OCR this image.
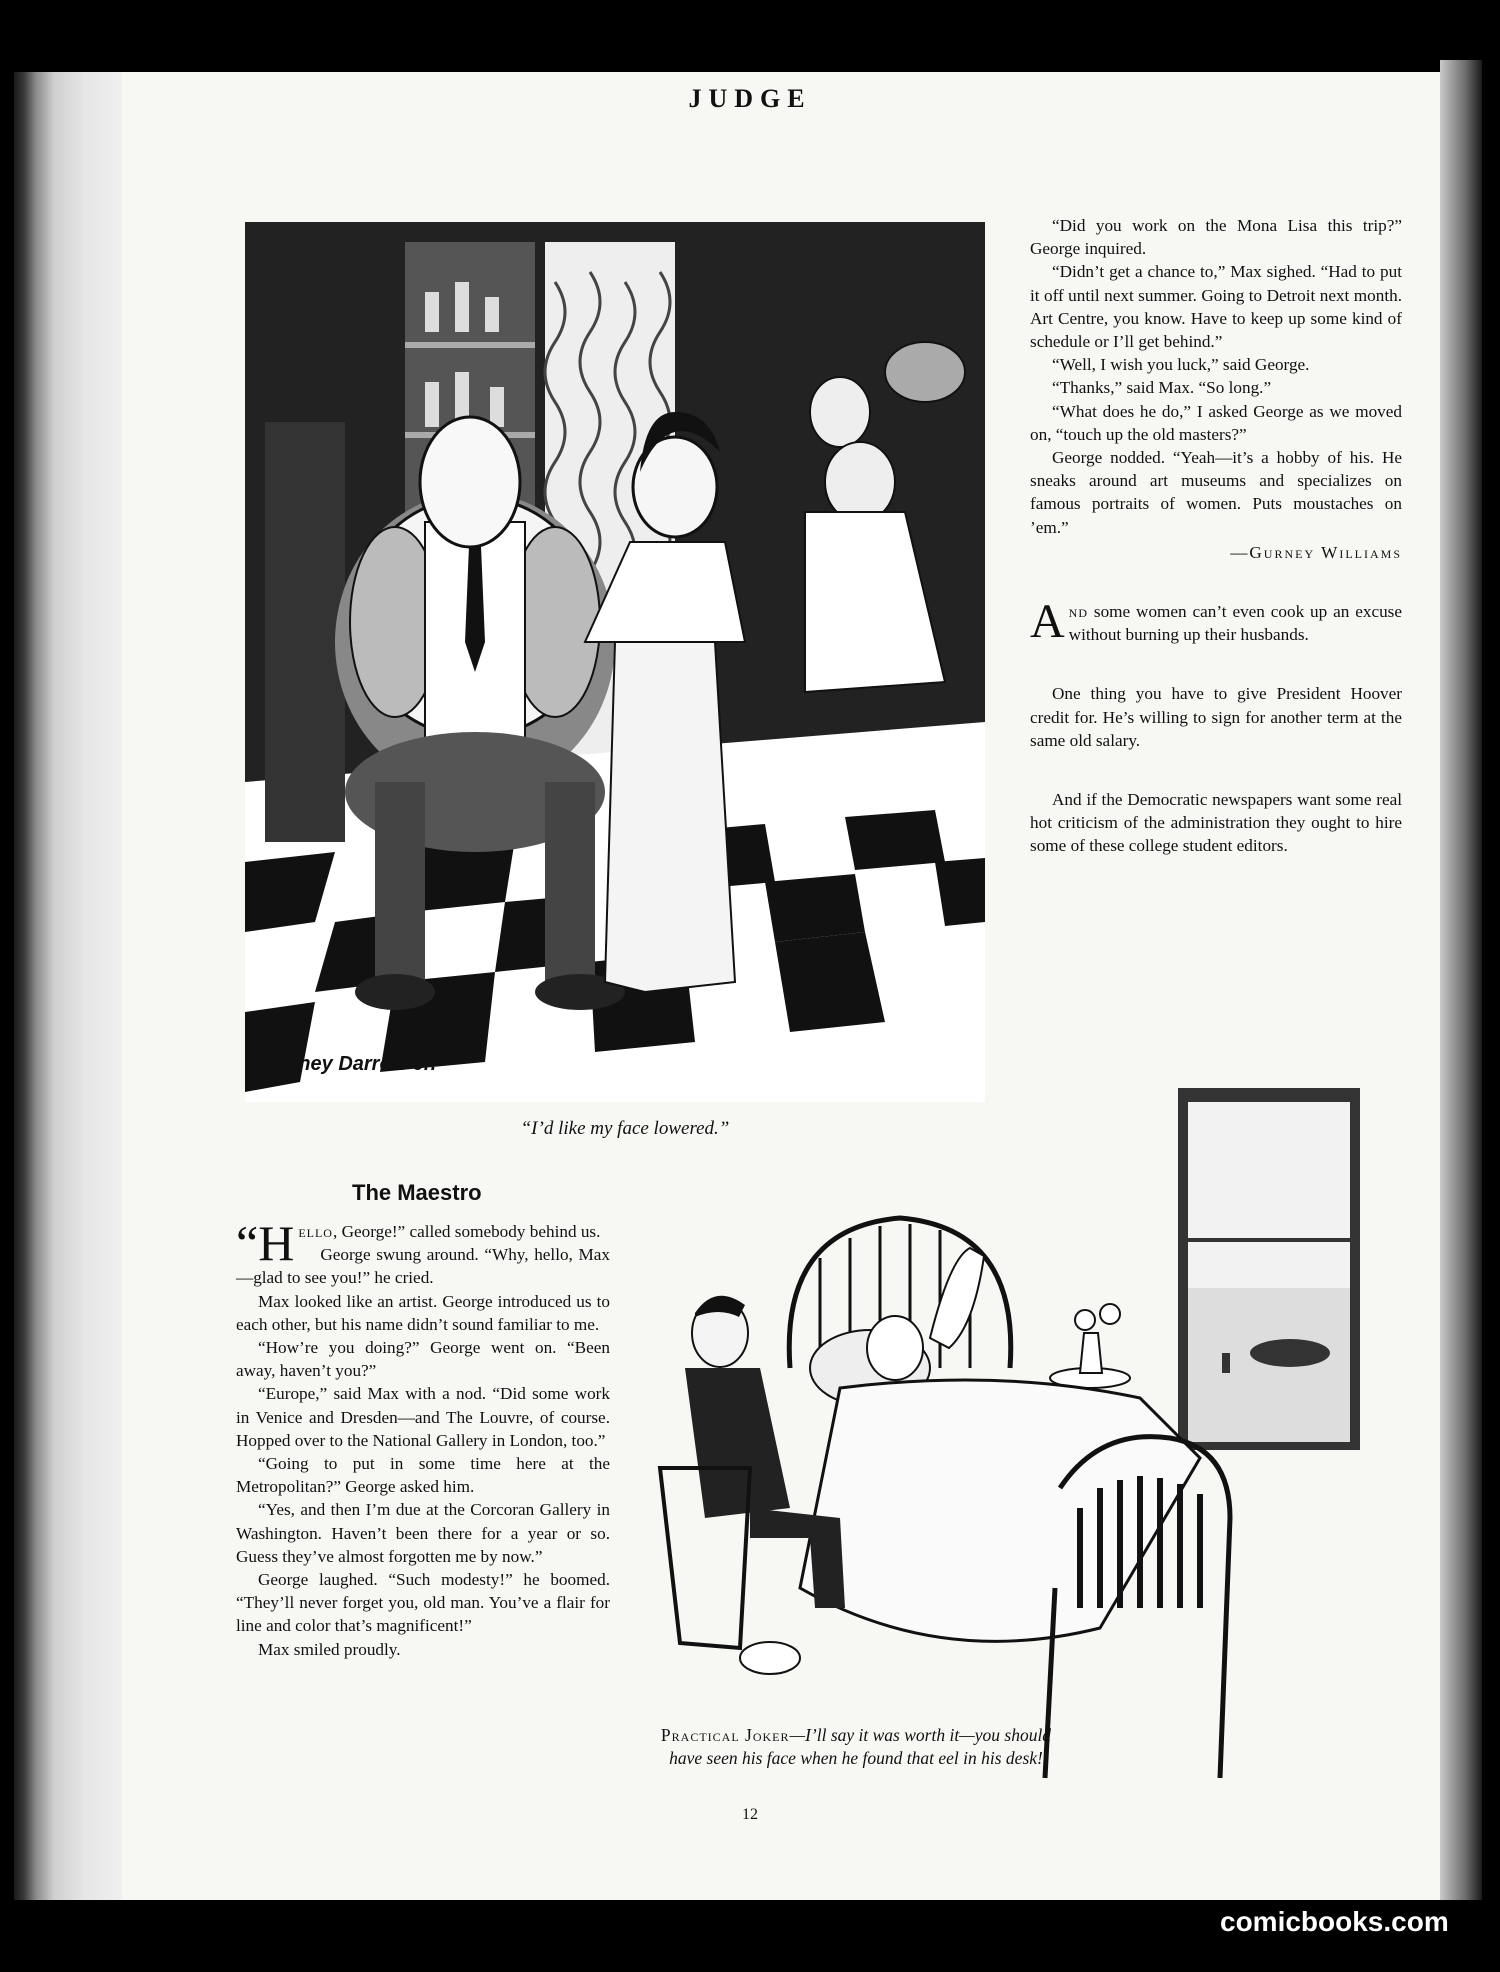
JUDGE
Whitney Darrow Jr.
“I’d like my face lowered.”

“Did you work on the Mona Lisa this trip?” George inquired.

“Didn’t get a chance to,” Max sighed. “Had to put it off until next summer. Going to Detroit next month. Art Centre, you know. Have to keep up some kind of schedule or I’ll get behind.”

“Well, I wish you luck,” said George.

“Thanks,” said Max. “So long.”

“What does he do,” I asked George as we moved on, “touch up the old masters?”

George nodded. “Yeah—it’s a hobby of his. He sneaks around art museums and specializes on famous portraits of women. Puts moustaches on ’em.”

—Gurney Williams

And some women can’t even cook up an excuse without burning up their husbands.

One thing you have to give President Hoover credit for. He’s willing to sign for another term at the same old salary.

And if the Democratic newspapers want some real hot criticism of the administration they ought to hire some of these college student editors.

The Maestro

“H ello, George!” called somebody behind us.

George swung around. “Why, hello, Max—glad to see you!” he cried.

Max looked like an artist. George introduced us to each other, but his name didn’t sound familiar to me.

“How’re you doing?” George went on. “Been away, haven’t you?”

“Europe,” said Max with a nod. “Did some work in Venice and Dresden—and The Louvre, of course. Hopped over to the National Gallery in London, too.”

“Going to put in some time here at the Metropolitan?” George asked him.

“Yes, and then I’m due at the Corcoran Gallery in Washington. Haven’t been there for a year or so. Guess they’ve almost forgotten me by now.”

George laughed. “Such modesty!” he boomed. “They’ll never forget you, old man. You’ve a flair for line and color that’s magnificent!”

Max smiled proudly.

Practical Joker—I’ll say it was worth it—you should have seen his face when he found that eel in his desk!
12
comicbooks.com
